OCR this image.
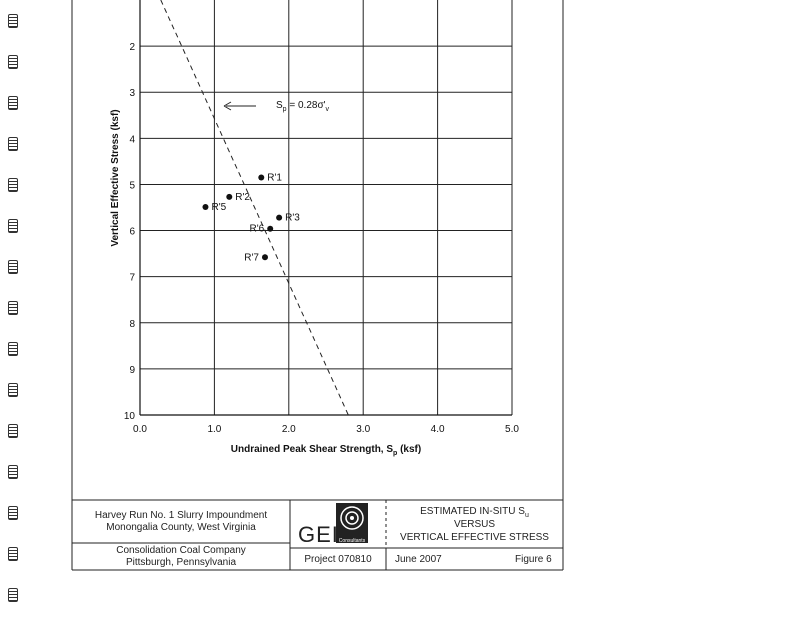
R'1
R'2
R'3
R'5
R'6
R'7
0.0	1.0	2.0	3.0	4.0	5.0
2
3
4
5
6
7
8
9
10
$S_p = 0.28\sigma'_v$
Undrained Peak Shear Strength, $S_p$ (ksf)
Vertical Effective Stress (ksf)
Harvey Run No. 1 Slurry Impoundment
Monongalia County, West Virginia
Consolidation Coal Company
Pittsburgh, Pennsylvania
GEI Consultants
ESTIMATED IN-SITU $S_u$
VERSUS
VERTICAL EFFECTIVE STRESS
Project 070810	June 2007	Figure 6
